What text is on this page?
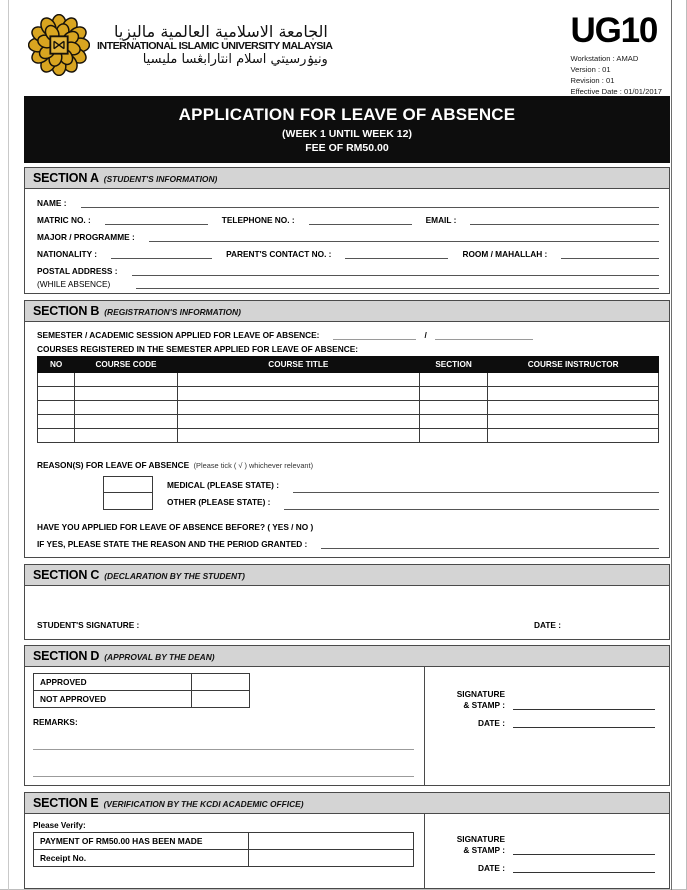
الجامعة الاسلامية العالمية ماليزيا
INTERNATIONAL ISLAMIC UNIVERSITY MALAYSIA
ونيۏرسيتي اسلام انتارابڠسا مليسيا
UG10
Workstation : AMAD
Version : 01
Revision : 01
Effective Date : 01/01/2017
APPLICATION FOR LEAVE OF ABSENCE
(WEEK 1 UNTIL WEEK 12)
FEE OF RM50.00
SECTION A (STUDENT'S INFORMATION)
NAME :
MATRIC NO. :	TELEPHONE NO. :	EMAIL :
MAJOR / PROGRAMME :
NATIONALITY :	PARENT'S CONTACT NO. :	ROOM / MAHALLAH :
POSTAL ADDRESS :
(WHILE ABSENCE)
SECTION B (REGISTRATION'S INFORMATION)
SEMESTER / ACADEMIC SESSION APPLIED FOR LEAVE OF ABSENCE:	/
COURSES REGISTERED IN THE SEMESTER APPLIED FOR LEAVE OF ABSENCE:
NO	COURSE CODE	COURSE TITLE	SECTION	COURSE INSTRUCTOR

REASON(S) FOR LEAVE OF ABSENCE (Please tick ( √ ) whichever relevant)
MEDICAL (PLEASE STATE) :
OTHER (PLEASE STATE) :
HAVE YOU APPLIED FOR LEAVE OF ABSENCE BEFORE? ( YES / NO )
IF YES, PLEASE STATE THE REASON AND THE PERIOD GRANTED :
SECTION C (DECLARATION BY THE STUDENT)
STUDENT'S SIGNATURE :	DATE :
SECTION D (APPROVAL BY THE DEAN)
APPROVED	
NOT APPROVED	
REMARKS:
SIGNATURE
& STAMP :
DATE :
SECTION E (VERIFICATION BY THE KCDI ACADEMIC OFFICE)
Please Verify:
PAYMENT OF RM50.00 HAS BEEN MADE	
Receipt No.	
SIGNATURE
& STAMP :
DATE :
